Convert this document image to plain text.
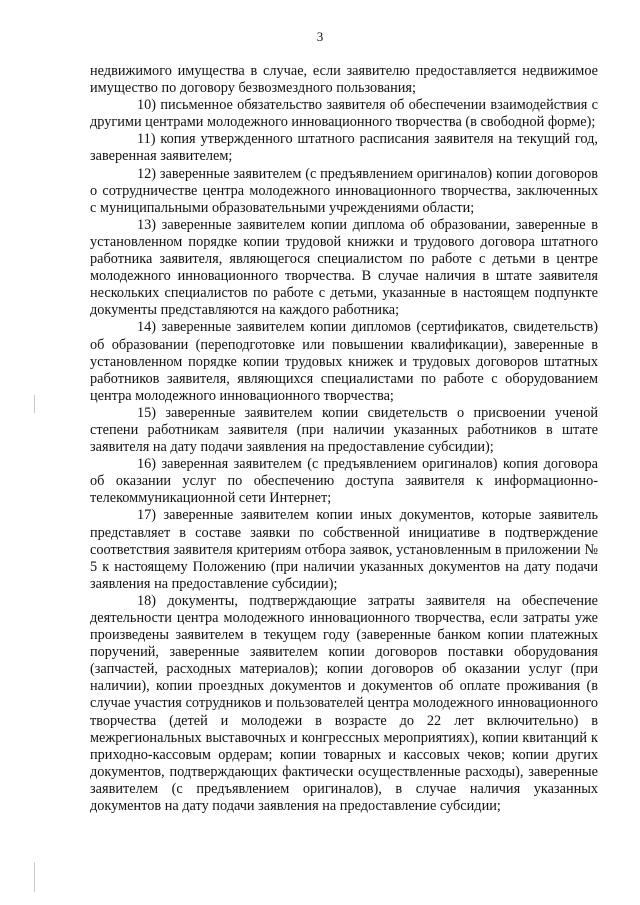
3

недвижимого имущества в случае, если заявителю предоставляется недвижимое имущество по договору безвозмездного пользования;

10) письменное обязательство заявителя об обеспечении взаимодействия с другими центрами молодежного инновационного творчества (в свободной форме);

11) копия утвержденного штатного расписания заявителя на текущий год, заверенная заявителем;

12) заверенные заявителем (с предъявлением оригиналов) копии договоров о сотрудничестве центра молодежного инновационного творчества, заключенных с муниципальными образовательными учреждениями области;

13) заверенные заявителем копии диплома об образовании, заверенные в установленном порядке копии трудовой книжки и трудового договора штатного работника заявителя, являющегося специалистом по работе с детьми в центре молодежного инновационного творчества. В случае наличия в штате заявителя нескольких специалистов по работе с детьми, указанные в настоящем подпункте документы представляются на каждого работника;

14) заверенные заявителем копии дипломов (сертификатов, свидетельств) об образовании (переподготовке или повышении квалификации), заверенные в установленном порядке копии трудовых книжек и трудовых договоров штатных работников заявителя, являющихся специалистами по работе с оборудованием центра молодежного инновационного творчества;

15) заверенные заявителем копии свидетельств о присвоении ученой степени работникам заявителя (при наличии указанных работников в штате заявителя на дату подачи заявления на предоставление субсидии);

16) заверенная заявителем (с предъявлением оригиналов) копия договора об оказании услуг по обеспечению доступа заявителя к информационно-телекоммуникационной сети Интернет;

17) заверенные заявителем копии иных документов, которые заявитель представляет в составе заявки по собственной инициативе в подтверждение соответствия заявителя критериям отбора заявок, установленным в приложении № 5 к настоящему Положению (при наличии указанных документов на дату подачи заявления на предоставление субсидии);

18) документы, подтверждающие затраты заявителя на обеспечение деятельности центра молодежного инновационного творчества, если затраты уже произведены заявителем в текущем году (заверенные банком копии платежных поручений, заверенные заявителем копии договоров поставки оборудования (запчастей, расходных материалов); копии договоров об оказании услуг (при наличии), копии проездных документов и документов об оплате проживания (в случае участия сотрудников и пользователей центра молодежного инновационного творчества (детей и молодежи в возрасте до 22 лет включительно) в межрегиональных выставочных и конгрессных мероприятиях), копии квитанций к приходно-кассовым ордерам; копии товарных и кассовых чеков; копии других документов, подтверждающих фактически осуществленные расходы), заверенные заявителем (с предъявлением оригиналов), в случае наличия указанных документов на дату подачи заявления на предоставление субсидии;
